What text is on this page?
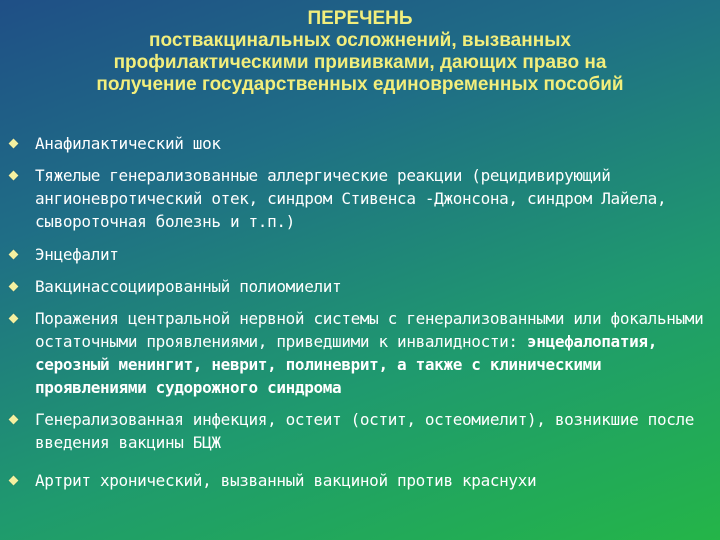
ПЕРЕЧЕНЬ
поствакцинальных осложнений, вызванных
профилактическими прививками, дающих право на
получение государственных единовременных пособий
Анафилактический шок
Тяжелые генерализованные аллергические реакции (рецидивирующий ангионевротический отек, синдром Стивенса -Джонсона, синдром Лайела, сывороточная болезнь и т.п.)
Энцефалит
Вакцинассоциированный полиомиелит
Поражения центральной нервной системы с генерализованными или фокальными остаточными проявлениями, приведшими к инвалидности: энцефалопатия, серозный менингит, неврит, полиневрит, а также с клиническими проявлениями судорожного синдрома
Генерализованная инфекция, остеит (остит, остеомиелит), возникшие после введения вакцины БЦЖ
Артрит хронический, вызванный вакциной против краснухи
